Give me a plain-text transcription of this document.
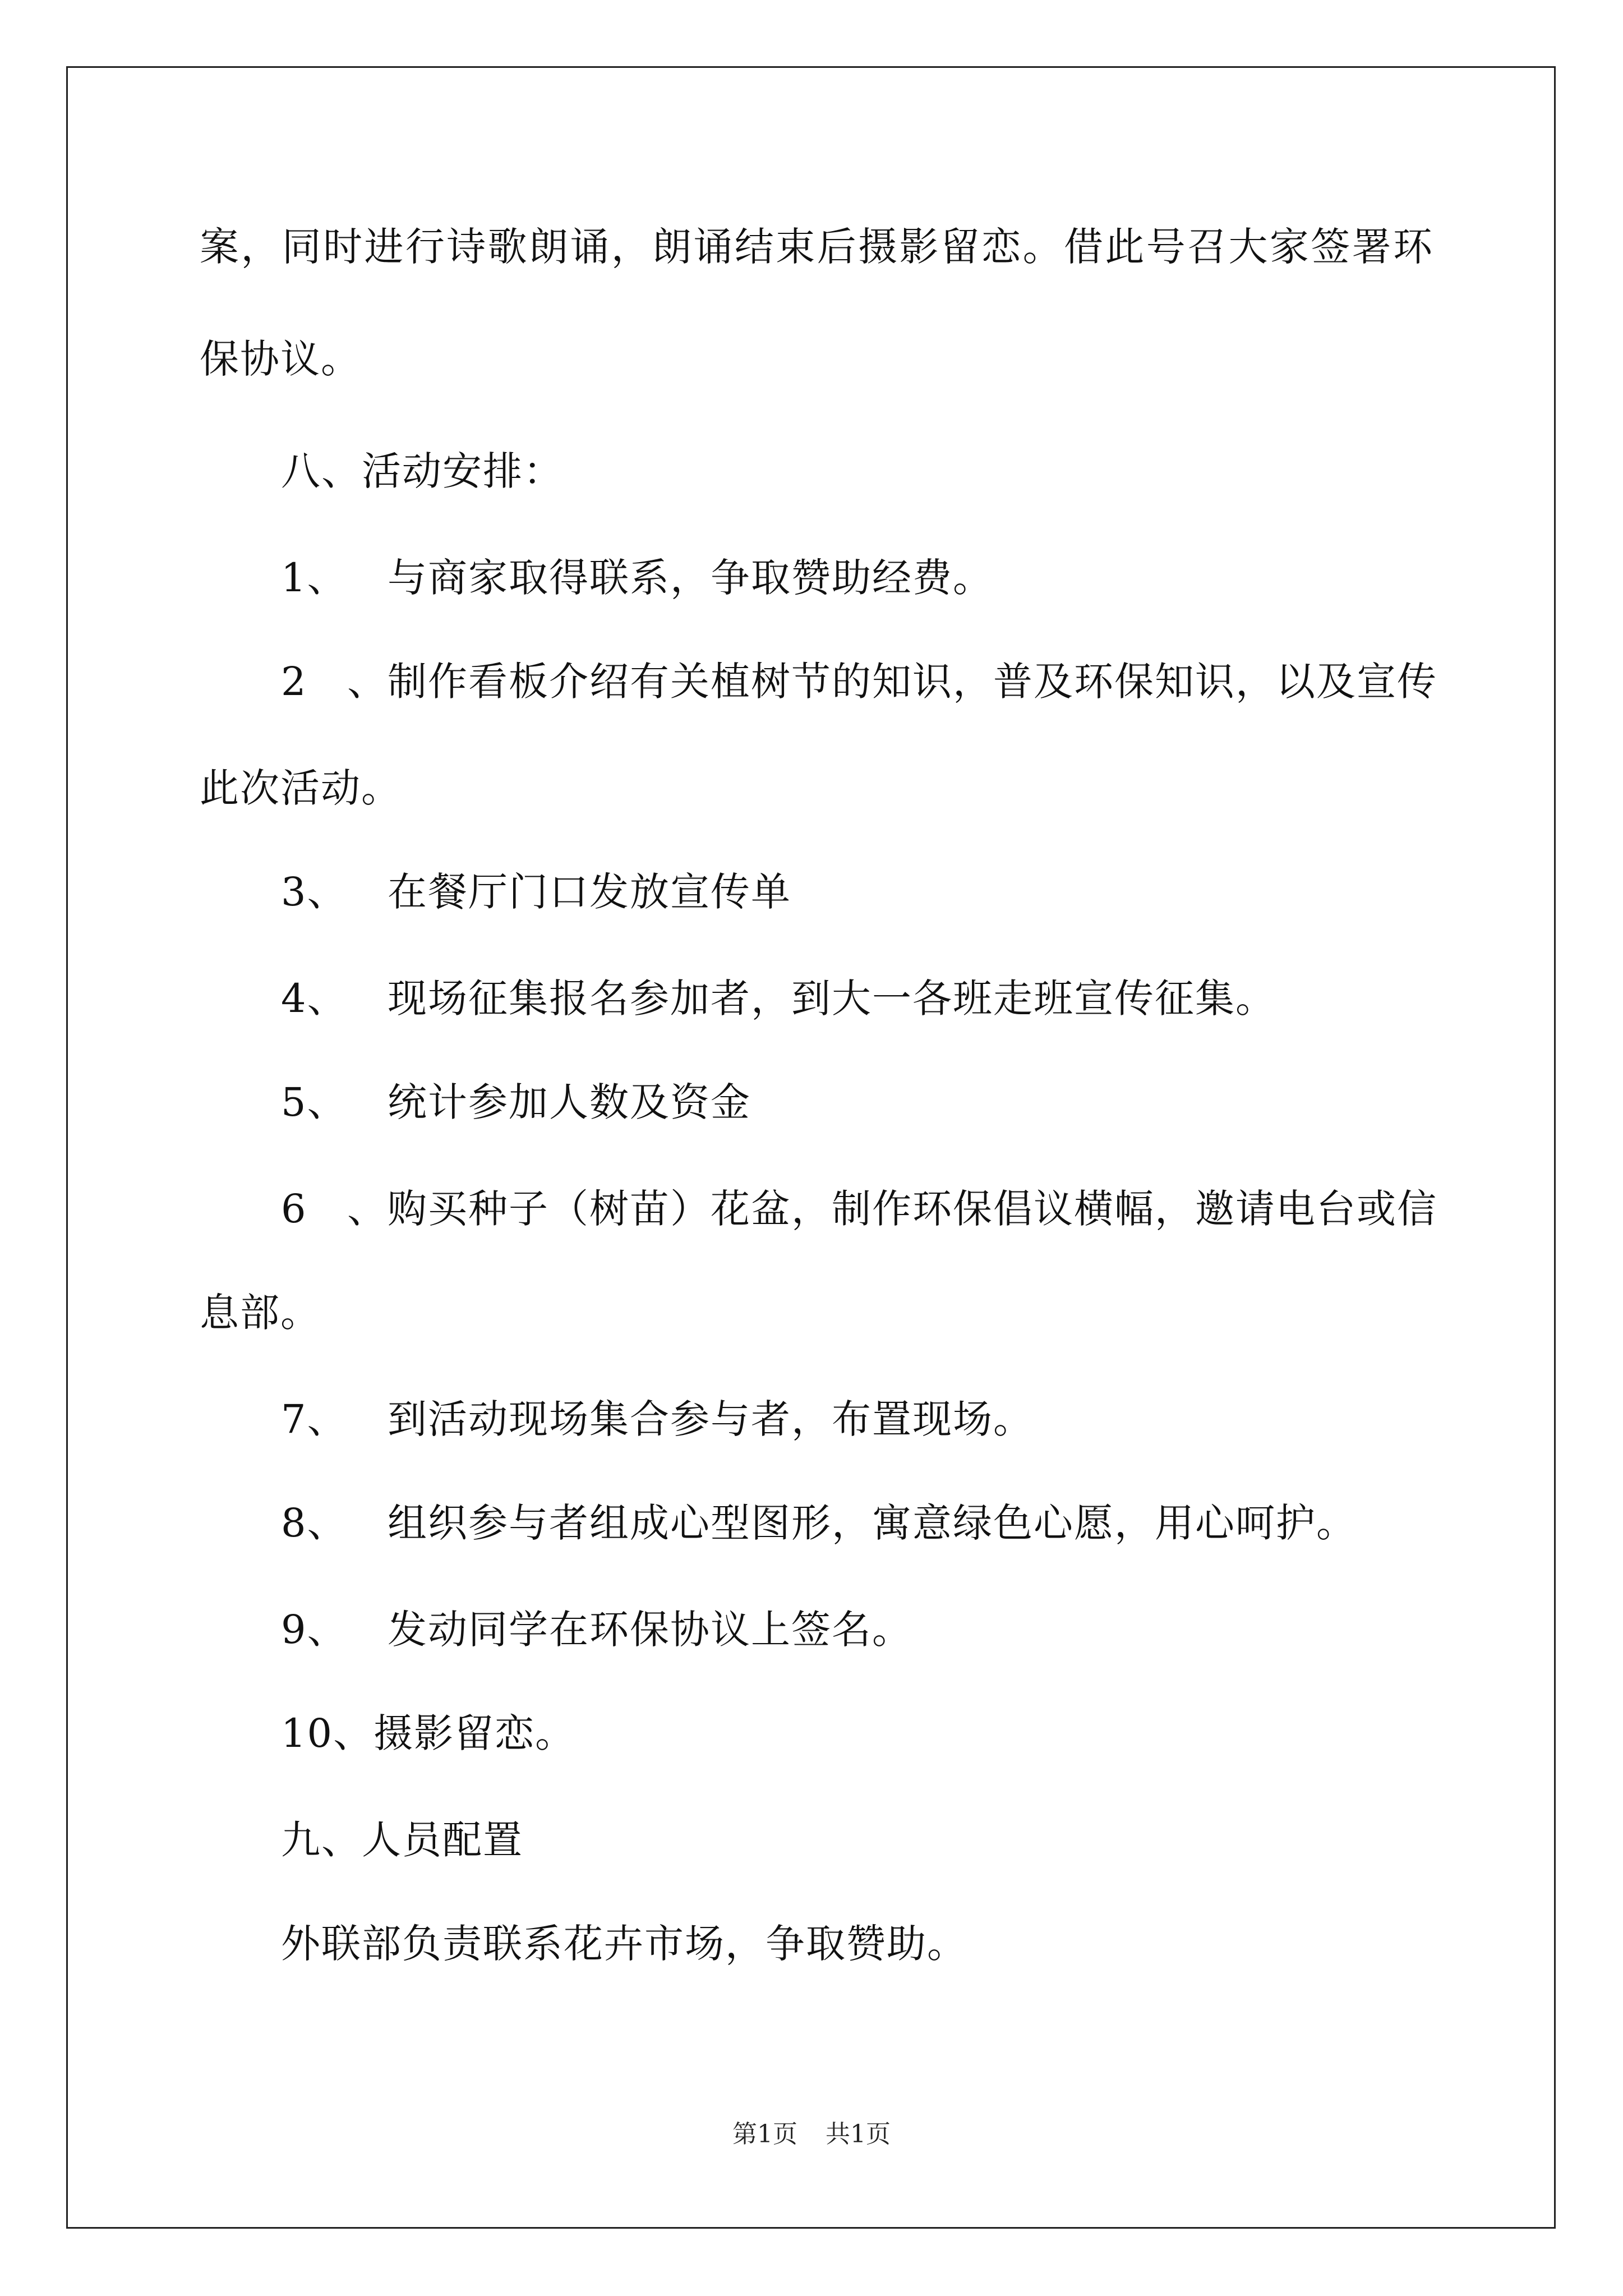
案，同时进行诗歌朗诵，朗诵结束后摄影留恋。借此号召大家签署环
保协议。
八、活动安排：
1、 与商家取得联系，争取赞助经费。
2、制作看板介绍有关植树节的知识，普及环保知识，以及宣传
此次活动。
3、 在餐厅门口发放宣传单
4、 现场征集报名参加者，到大一各班走班宣传征集。
5、 统计参加人数及资金
6、购买种子（树苗）花盆，制作环保倡议横幅，邀请电台或信
息部。
7、 到活动现场集合参与者，布置现场。
8、 组织参与者组成心型图形，寓意绿色心愿，用心呵护。
9、 发动同学在环保协议上签名。
10、摄影留恋。
九、人员配置
外联部负责联系花卉市场，争取赞助。
第1页 共1页
